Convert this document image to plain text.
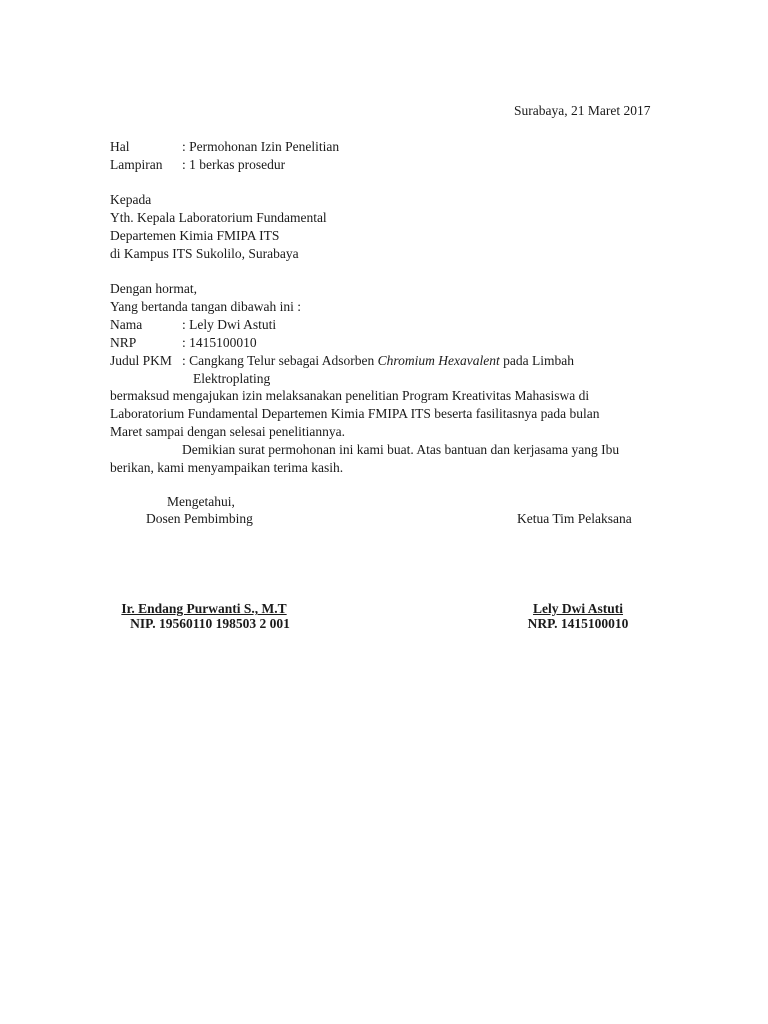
Surabaya, 21 Maret 2017
Hal	: Permohonan Izin Penelitian
Lampiran : 1 berkas prosedur
Kepada
Yth. Kepala Laboratorium Fundamental
Departemen Kimia FMIPA ITS
di Kampus ITS Sukolilo, Surabaya
Dengan hormat,
Yang bertanda tangan dibawah ini :
Nama	: Lely Dwi Astuti
NRP	: 1415100010
Judul PKM : Cangkang Telur sebagai Adsorben Chromium Hexavalent pada Limbah
Elektroplating
bermaksud mengajukan izin melaksanakan penelitian Program Kreativitas Mahasiswa di
Laboratorium Fundamental Departemen Kimia FMIPA ITS beserta fasilitasnya pada bulan
Maret sampai dengan selesai penelitiannya.
Demikian surat permohonan ini kami buat. Atas bantuan dan kerjasama yang Ibu
berikan, kami menyampaikan terima kasih.
Mengetahui,
Dosen Pembimbing	Ketua Tim Pelaksana
Ir. Endang Purwanti S., M.T
NIP. 19560110 198503 2 001
Lely Dwi Astuti
NRP. 1415100010
